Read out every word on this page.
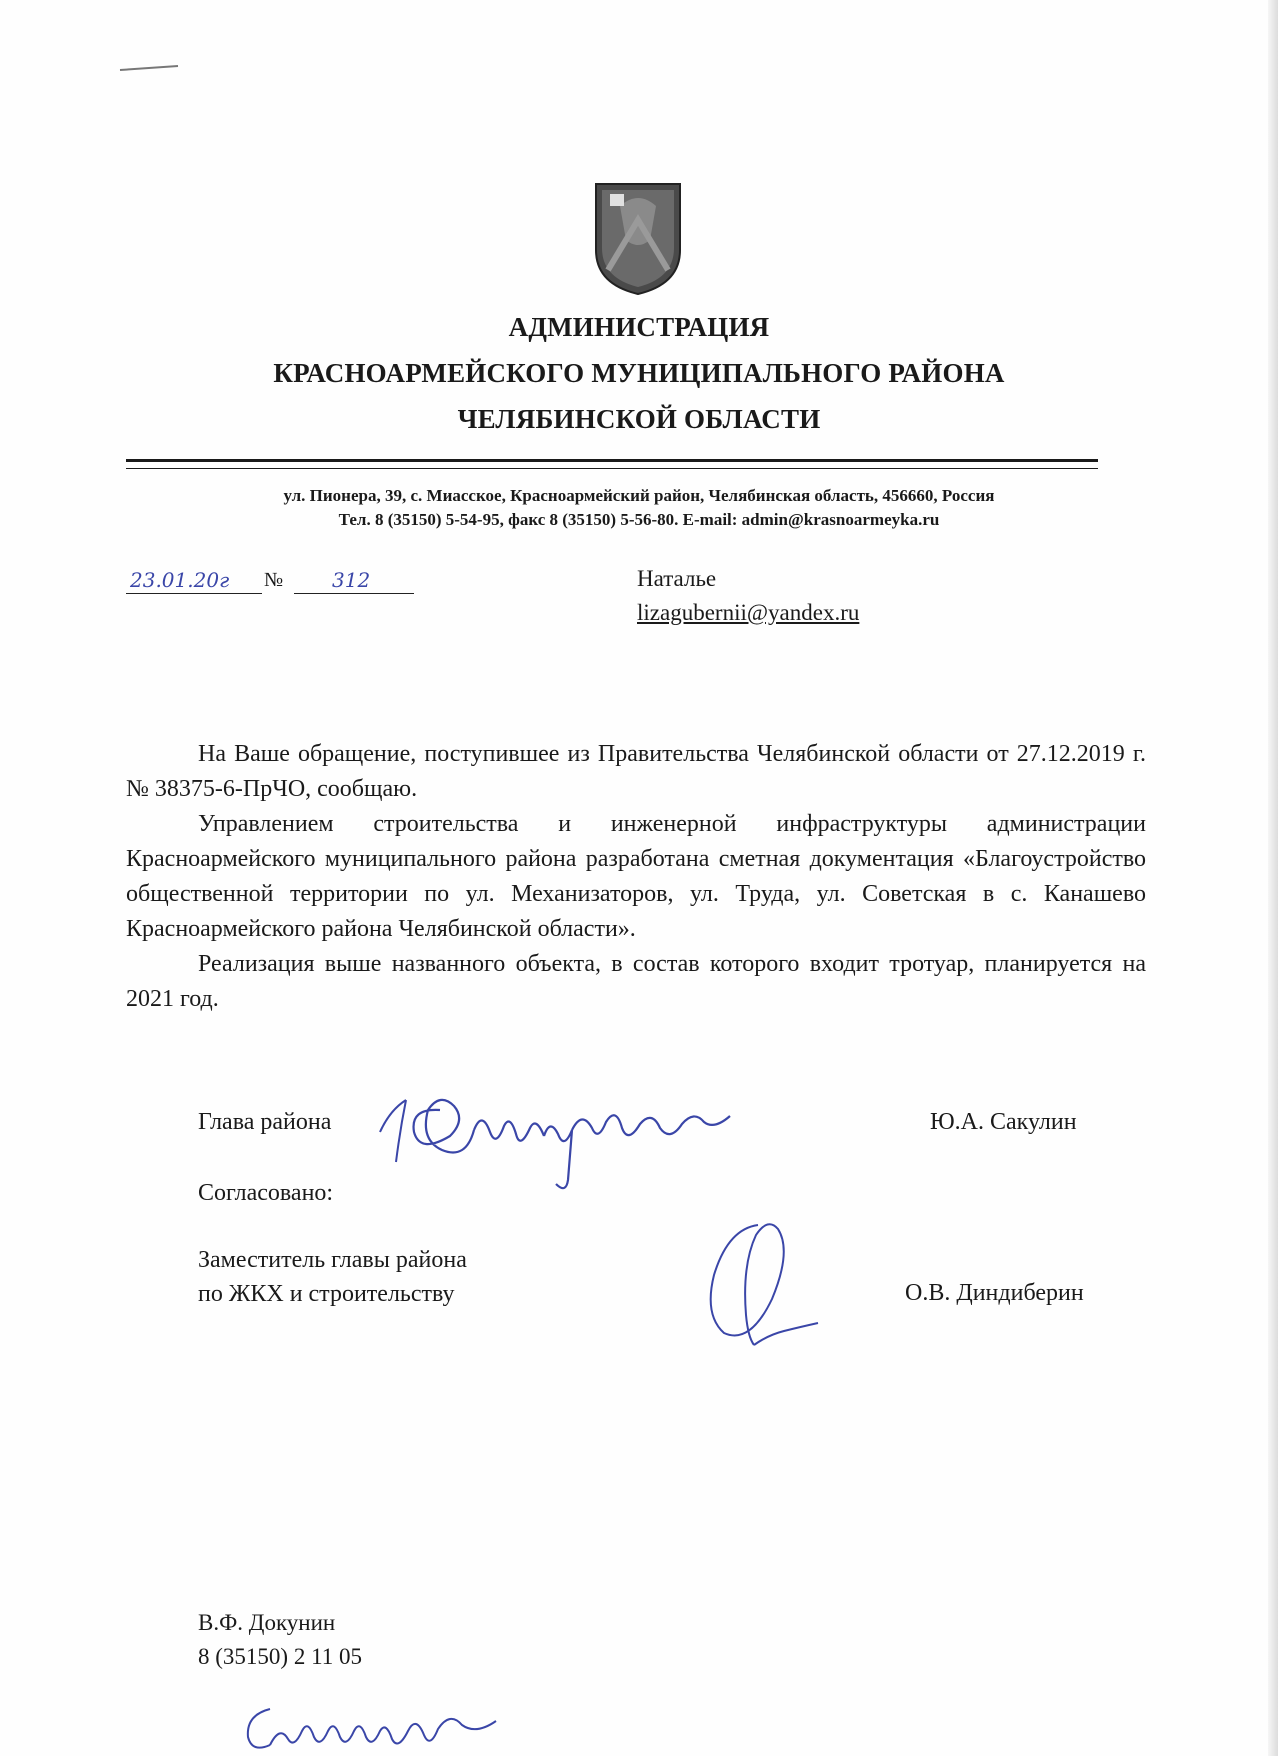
АДМИНИСТРАЦИЯ
КРАСНОАРМЕЙСКОГО МУНИЦИПАЛЬНОГО РАЙОНА
ЧЕЛЯБИНСКОЙ ОБЛАСТИ
ул. Пионера, 39, с. Миасское, Красноармейский район, Челябинская область, 456660, Россия
Тел. 8 (35150) 5-54-95, факс 8 (35150) 5-56-80. E-mail: admin@krasnoarmeyka.ru
23.01.20г	№	312	Наталье
lizagubernii@yandex.ru

На Ваше обращение, поступившее из Правительства Челябинской области от 27.12.2019 г. № 38375-6-ПрЧО, сообщаю.

Управлением строительства и инженерной инфраструктуры администрации Красноармейского муниципального района разработана сметная документация «Благоустройство общественной территории по ул. Механизаторов, ул. Труда, ул. Советская в с. Канашево Красноармейского района Челябинской области».

Реализация выше названного объекта, в состав которого входит тротуар, планируется на 2021 год.

Глава района	Ю.А. Сакулин
Согласовано:
Заместитель главы района
по ЖКХ и строительству	О.В. Диндиберин
В.Ф. Докунин
8 (35150) 2 11 05
